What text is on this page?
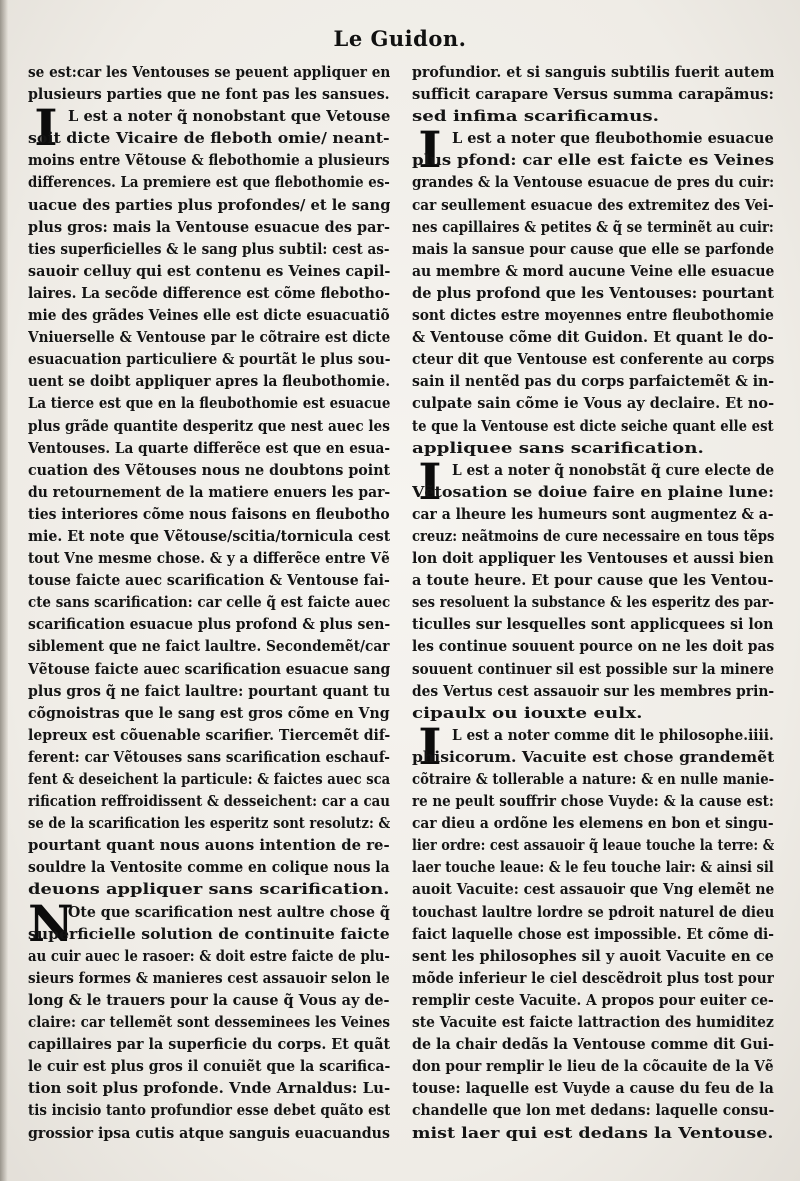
Le Guidon.
se est:car les Ventouses se peuent appliquer en
plusieurs parties que ne font pas les sansues.
I L est a noter q̃ nonobstant que Vetouse
soit dicte Vicaire de fleboth omie/ neant-
moins entre Vẽtouse & flebothomie a plusieurs
differences. La premiere est que flebothomie es-
uacue des parties plus profondes/ et le sang
plus gros: mais la Ventouse esuacue des par-
ties superficielles & le sang plus subtil: cest as-
sauoir celluy qui est contenu es Veines capil-
laires. La secõde difference est cõme flebotho-
mie des grãdes Veines elle est dicte esuacuatiõ
Vniuerselle & Ventouse par le cõtraire est dicte
esuacuation particuliere & pourtãt le plus sou-
uent se doibt appliquer apres la fleubothomie.
La tierce est que en la fleubothomie est esuacue
plus grãde quantite desperitz que nest auec les
Ventouses. La quarte differẽce est que en esua-
cuation des Vẽtouses nous ne doubtons point
du retournement de la matiere enuers les par-
ties interiores cõme nous faisons en fleubotho
mie. Et note que Vẽtouse/scitia/tornicula cest
tout Vne mesme chose. & y a differẽce entre Vẽ
touse faicte auec scarification & Ventouse fai-
cte sans scarification: car celle q̃ est faicte auec
scarification esuacue plus profond & plus sen-
siblement que ne faict laultre. Secondemẽt/car
Vẽtouse faicte auec scarification esuacue sang
plus gros q̃ ne faict laultre: pourtant quant tu
cõgnoistras que le sang est gros cõme en Vng
lepreux est cõuenable scarifier. Tiercemẽt dif-
ferent: car Vẽtouses sans scarification eschauf-
fent & deseichent la particule: & faictes auec sca
rification reffroidissent & desseichent: car a cau
se de la scarification les esperitz sont resolutz: &
pourtant quant nous auons intention de re-
souldre la Ventosite comme en colique nous la
deuons appliquer sans scarification.
N
Ote que scarification nest aultre chose q̃
superficielle solution de continuite faicte
au cuir auec le rasoer: & doit estre faicte de plu-
sieurs formes & manieres cest assauoir selon le
long & le trauers pour la cause q̃ Vous ay de-
claire: car tellemẽt sont desseminees les Veines
capillaires par la superficie du corps. Et quãt
le cuir est plus gros il conuiẽt que la scarifica-
tion soit plus profonde. Vnde Arnaldus: Lu-
tis incisio tanto profundior esse debet quãto est
grossior ipsa cutis atque sanguis euacuandus
profundior. et si sanguis subtilis fuerit autem
sufficit carapare Versus summa carapãmus:
sed infima scarificamus.
I L est a noter que fleubothomie esuacue
plus pfond: car elle est faicte es Veines
grandes & la Ventouse esuacue de pres du cuir:
car seullement esuacue des extremitez des Vei-
nes capillaires & petites & q̃ se terminẽt au cuir:
mais la sansue pour cause que elle se parfonde
au membre & mord aucune Veine elle esuacue
de plus profond que les Ventouses: pourtant
sont dictes estre moyennes entre fleubothomie
& Ventouse cõme dit Guidon. Et quant le do-
cteur dit que Ventouse est conferente au corps
sain il nentẽd pas du corps parfaictemẽt & in-
culpate sain cõme ie Vous ay declaire. Et no-
te que la Ventouse est dicte seiche quant elle est
appliquee sans scarification.
I L est a noter q̃ nonobstãt q̃ cure electe de
Vẽtosation se doiue faire en plaine lune:
car a lheure les humeurs sont augmentez & a-
creuz: neãtmoins de cure necessaire en tous tẽps
lon doit appliquer les Ventouses et aussi bien
a toute heure. Et pour cause que les Ventou-
ses resoluent la substance & les esperitz des par-
ticulles sur lesquelles sont applicquees si lon
les continue souuent pource on ne les doit pas
souuent continuer sil est possible sur la minere
des Vertus cest assauoir sur les membres prin-
cipaulx ou iouxte eulx.
I L est a noter comme dit le philosophe.iiii.
phisicorum. Vacuite est chose grandemẽt
cõtraire & tollerable a nature: & en nulle manie-
re ne peult souffrir chose Vuyde: & la cause est:
car dieu a ordõne les elemens en bon et singu-
lier ordre: cest assauoir q̃ leaue touche la terre: &
laer touche leaue: & le feu touche lair: & ainsi sil
auoit Vacuite: cest assauoir que Vng elemẽt ne
touchast laultre lordre se pdroit naturel de dieu
faict laquelle chose est impossible. Et cõme di-
sent les philosophes sil y auoit Vacuite en ce
mõde inferieur le ciel descẽdroit plus tost pour
remplir ceste Vacuite. A propos pour euiter ce-
ste Vacuite est faicte lattraction des humiditez
de la chair dedãs la Ventouse comme dit Gui-
don pour remplir le lieu de la cõcauite de la Vẽ
touse: laquelle est Vuyde a cause du feu de la
chandelle que lon met dedans: laquelle consu-
mist laer qui est dedans la Ventouse.
